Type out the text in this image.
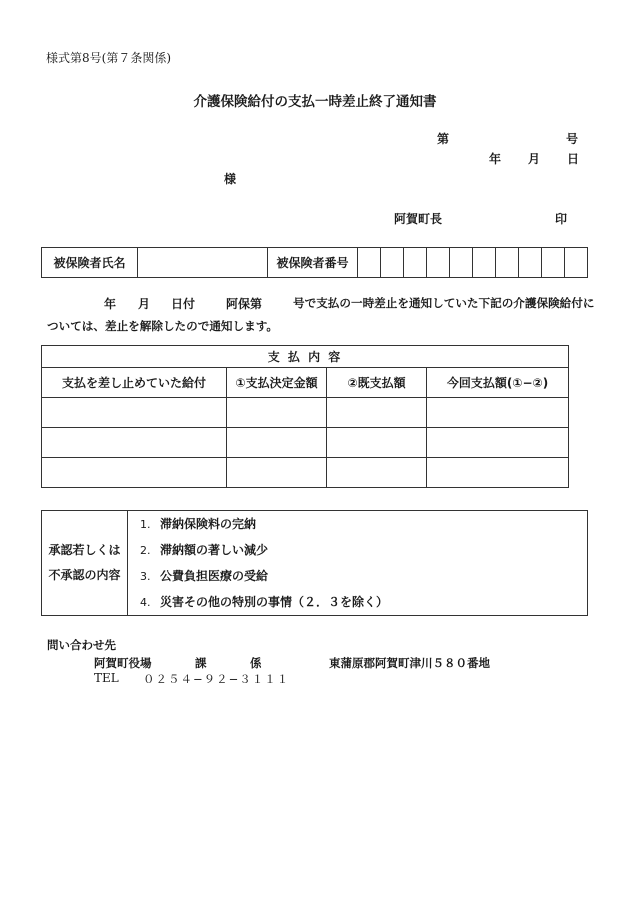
様式第8号(第７条関係)
介護保険給付の支払一時差止終了通知書
第	号
年 月 日
様
阿賀町長	印
被保険者氏名		被保険者番号										
年 月 日付	阿保第	号で支払の一時差止を通知していた下記の介護保険給付に
ついては、差止を解除したので通知します。
支 払 内 容			
支払を差し止めていた給付	①支払決定金額	②既支払額	今回支払額(①−②)

承認若しくは
不承認の内容

1. 滞納保険料の完納
2. 滞納額の著しい減少
3. 公費負担医療の受給
4. 災害その他の特別の事情（２．３を除く）
問い合わせ先
阿賀町役場	課	係	東蒲原郡阿賀町津川５８０番地
TEL ０２５４−９２−３１１１
